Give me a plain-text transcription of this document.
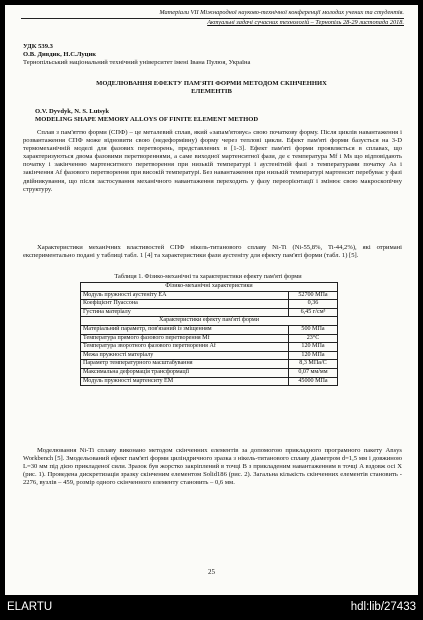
Матеріали VII Міжнародної науково-технічної конференції молодих учених та студентів.
Актуальні задачі сучасних технологій – Тернопіль 28-29 листопада 2018.
УДК 539.3
О.В. Дивдик, Н.С.Луцик
Тернопільський національний технічний університет імені Івана Пулюя, Україна
МОДЕЛЮВАННЯ ЕФЕКТУ ПАМ'ЯТІ ФОРМИ МЕТОДОМ СКІНЧЕННИХ
ЕЛЕМЕНТІВ
O.V. Dyvdyk, N. S. Lutsyk
MODELING SHAPE MEMORY ALLOYS OF FINITE ELEMENT METHOD
Сплав з пам'яттю форми (СПФ) – це металевий сплав, який «запам'ятовує» свою початкову форму. Після циклів навантаження і розвантаження СПФ може відновити свою (недеформівну) форму через теплові цикли. Ефект пам'яті форми базується на 3-D термомеханічній моделі для фазових перетворень, представлених в [1-3]. Ефект пам'яті форми проявляється в сплавах, що характеризуються двома фазовими перетвореннями, а саме виходної мартенситної фази, де є температура Mf і Ms що відповідають початку і закінченню мартенситного перетворення при низькій температурі і аустенітній фазі з температурами початку As і закінчення Af фазового перетворення при високій температурі. Без навантаження при низькій температурі мартенсит перебуває у фазі двійникування, що після застосування механічного навантаження переходить у фазу переорієнтації і змінює свою макроскопічну структуру.
Характеристики механічних властивостей СПФ нікель-титанового сплаву Ni-Ti (Ni-55,8%, Ti-44,2%), які отримані експериментально подані у таблиці табл. 1 [4] та характеристики фази аустеніту для ефекту пам'яті форми (табл. 1) [5].
Таблиця 1. Фізико-механічні та характеристики ефекту пам'яті форми
Фізико-механічні характеристики	
Модуль пружності аустеніту EA	52700 МПа
Коефіцієнт Пуассона	0,36
Густина матеріалу	6,45 г/см³
Характеристики ефекту пам'яті форми	
Матеріальний параметр, пов'язаний із зміщенням	500 МПа
Температура прямого фазового перетворення Mf	23°C
Температура зворотного фазового перетворення Af	120 МПа
Межа пружності матеріалу	120 МПа
Параметр температурного масштабування	8,3 МПа/C
Максимальна деформація трансформації	0,07 мм/мм
Модуль пружності мартенситу EM	45000 МПа
Моделювання Ni-Ti сплаву виконано методом скінченних елементів за допомогою прикладного програмного пакету Ansys Workbench [5]. Змодельований ефект пам'яті форми циліндричного зразка з нікель-титанового сплаву діаметром d=1,5 мм і довжиною L=30 мм під дією прикладеної сили. Зразок був жорстко закріплений в точці B з прикладеним навантаженням в точці A вздовж осі X (рис. 1). Проведена дискретизація зразку скінченим елементом Solid186 (рис. 2). Загальна кількість скінченних елементів становить - 2276, вузлів – 459, розмір одного скінченного елементу становить – 0,6 мм.
25
ELARTU	hdl:lib/27433
